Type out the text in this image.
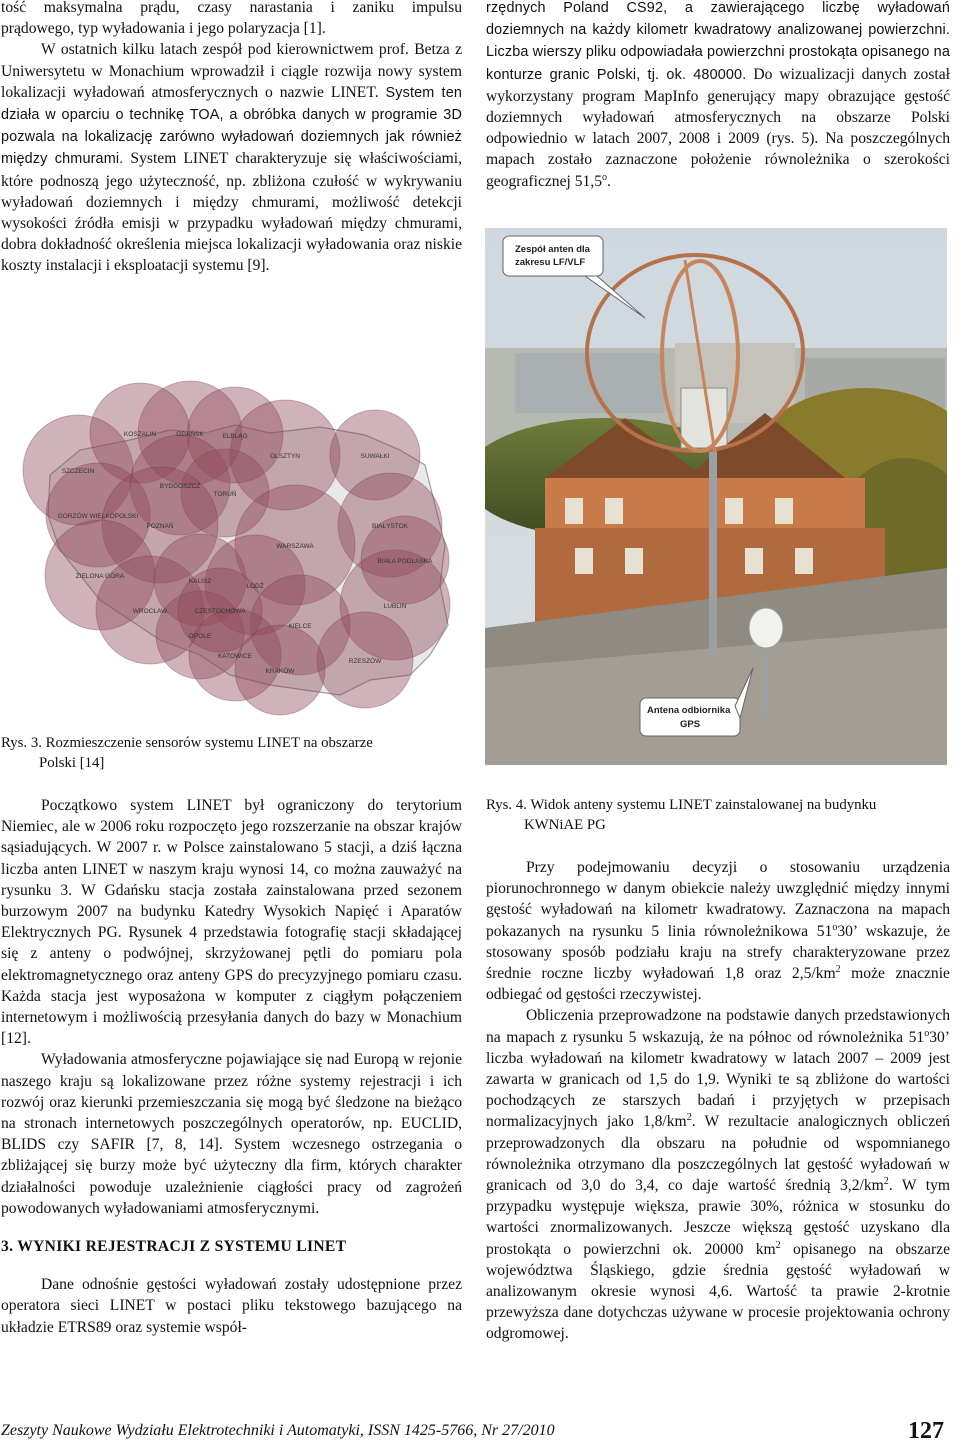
tość maksymalna prądu, czasy narastania i zaniku impulsu

prądowego, typ wyładowania i jego polaryzacja [1].

W ostatnich kilku latach zespół pod kierownictwem prof. Betza z Uniwersytetu w Monachium wprowadził i ciągle rozwija nowy system lokalizacji wyładowań atmosferycznych o nazwie LINET. System ten działa w oparciu o technikę TOA, a obróbka danych w programie 3D pozwala na lokalizację zarówno wyładowań doziemnych jak również między chmurami. System LINET charakteryzuje się właściwościami, które podnoszą jego użyteczność, np. zbliżona czułość w wykrywaniu wyładowań doziemnych i między chmurami, możliwość detekcji wysokości źródła emisji w przypadku wyładowań między chmurami, dobra dokładność określenia miejsca lokalizacji wyładowania oraz niskie koszty instalacji i eksploatacji systemu [9].

SZCZECIN
GDAŃSK	ELBLĄG
KOSZALIN
OLSZTYN	SUWAŁKI
BYDGOSZCZ
TORUŃ
GORZÓW WIELKOPOLSKI
POZNAŃ	BIAŁYSTOK
WARSZAWA
ZIELONA GÓRA
KALISZ
ŁÓDŹ
LUBLIN
WROCŁAW
KIELCE
OPOLE
KATOWICE
RZESZÓW
KRAKÓW
CZĘSTOCHOWA
BIAŁA PODLASKA
Rys. 3. Rozmieszczenie sensorów systemu LINET na obszarze
Polski [14]
Zespół anten dla zakresu LF/VLF
Antena odbiornika GPS

rzędnych Poland CS92, a zawierającego liczbę wyładowań doziemnych na każdy kilometr kwadratowy analizowanej powierzchni. Liczba wierszy pliku odpowiadała powierzchni prostokąta opisanego na konturze granic Polski, tj. ok. 480000. Do wizualizacji danych został wykorzystany program MapInfo generujący mapy obrazujące gęstość doziemnych wyładowań atmosferycznych na obszarze Polski odpowiednio w latach 2007, 2008 i 2009 (rys. 5). Na poszczególnych mapach zostało zaznaczone położenie równoleżnika o szerokości geograficznej 51,5$^o$.

Początkowo system LINET był ograniczony do terytorium Niemiec, ale w 2006 roku rozpoczęto jego rozszerzanie na obszar krajów sąsiadujących. W 2007 r. w Polsce zainstalowano 5 stacji, a dziś łączna liczba anten LINET w naszym kraju wynosi 14, co można zauważyć na rysunku 3. W Gdańsku stacja została zainstalowana przed sezonem burzowym 2007 na budynku Katedry Wysokich Napięć i Aparatów Elektrycznych PG. Rysunek 4 przedstawia fotografię stacji składającej się z anteny o podwójnej, skrzyżowanej pętli do pomiaru pola elektromagnetycznego oraz anteny GPS do precyzyjnego pomiaru czasu. Każda stacja jest wyposażona w komputer z ciągłym połączeniem internetowym i możliwością przesyłania danych do bazy w Monachium [12].

Wyładowania atmosferyczne pojawiające się nad Europą w rejonie naszego kraju są lokalizowane przez różne systemy rejestracji i ich rozwój oraz kierunki przemieszczania się mogą być śledzone na bieżąco na stronach internetowych poszczególnych operatorów, np. EUCLID, BLIDS czy SAFIR [7, 8, 14]. System wczesnego ostrzegania o zbliżającej się burzy może być użyteczny dla firm, których charakter działalności powoduje uzależnienie ciągłości pracy od zagrożeń powodowanych wyładowaniami atmosferycznymi.

3. WYNIKI REJESTRACJI Z SYSTEMU LINET

Dane odnośnie gęstości wyładowań zostały udostępnione przez operatora sieci LINET w postaci pliku tekstowego bazującego na układzie ETRS89 oraz systemie współ-

Rys. 4. Widok anteny systemu LINET zainstalowanej na budynku
KWNiAE PG

Przy podejmowaniu decyzji o stosowaniu urządzenia piorunochronnego w danym obiekcie należy uwzględnić między innymi gęstość wyładowań na kilometr kwadratowy. Zaznaczona na mapach pokazanych na rysunku 5 linia równoleżnikowa 51$^o$30’ wskazuje, że stosowany sposób podziału kraju na strefy charakteryzowane przez średnie roczne liczby wyładowań 1,8 oraz $2,5/km^2$ może znacznie odbiegać od gęstości rzeczywistej.

Obliczenia przeprowadzone na podstawie danych przedstawionych na mapach z rysunku 5 wskazują, że na północ od równoleżnika 51$^o$30’ liczba wyładowań na kilometr kwadratowy w latach 2007 – 2009 jest zawarta w granicach od 1,5 do 1,9. Wyniki te są zbliżone do wartości pochodzących ze starszych badań i przyjętych w przepisach normalizacyjnych jako $1,8/km^2$. W rezultacie analogicznych obliczeń przeprowadzonych dla obszaru na południe od wspomnianego równoleżnika otrzymano dla poszczególnych lat gęstość wyładowań w granicach od 3,0 do 3,4, co daje wartość średnią $3,2/km^2$. W tym przypadku występuje większa, prawie 30%, różnica w stosunku do wartości znormalizowanych. Jeszcze większą gęstość uzyskano dla prostokąta o powierzchni ok. 20000 $km^2$ opisanego na obszarze województwa Śląskiego, gdzie średnia gęstość wyładowań w analizowanym okresie wynosi 4,6. Wartość ta prawie 2-krotnie przewyższa dane dotychczas używane w procesie projektowania ochrony odgromowej.

Zeszyty Naukowe Wydziału Elektrotechniki i Automatyki, ISSN 1425-5766, Nr 27/2010	127
